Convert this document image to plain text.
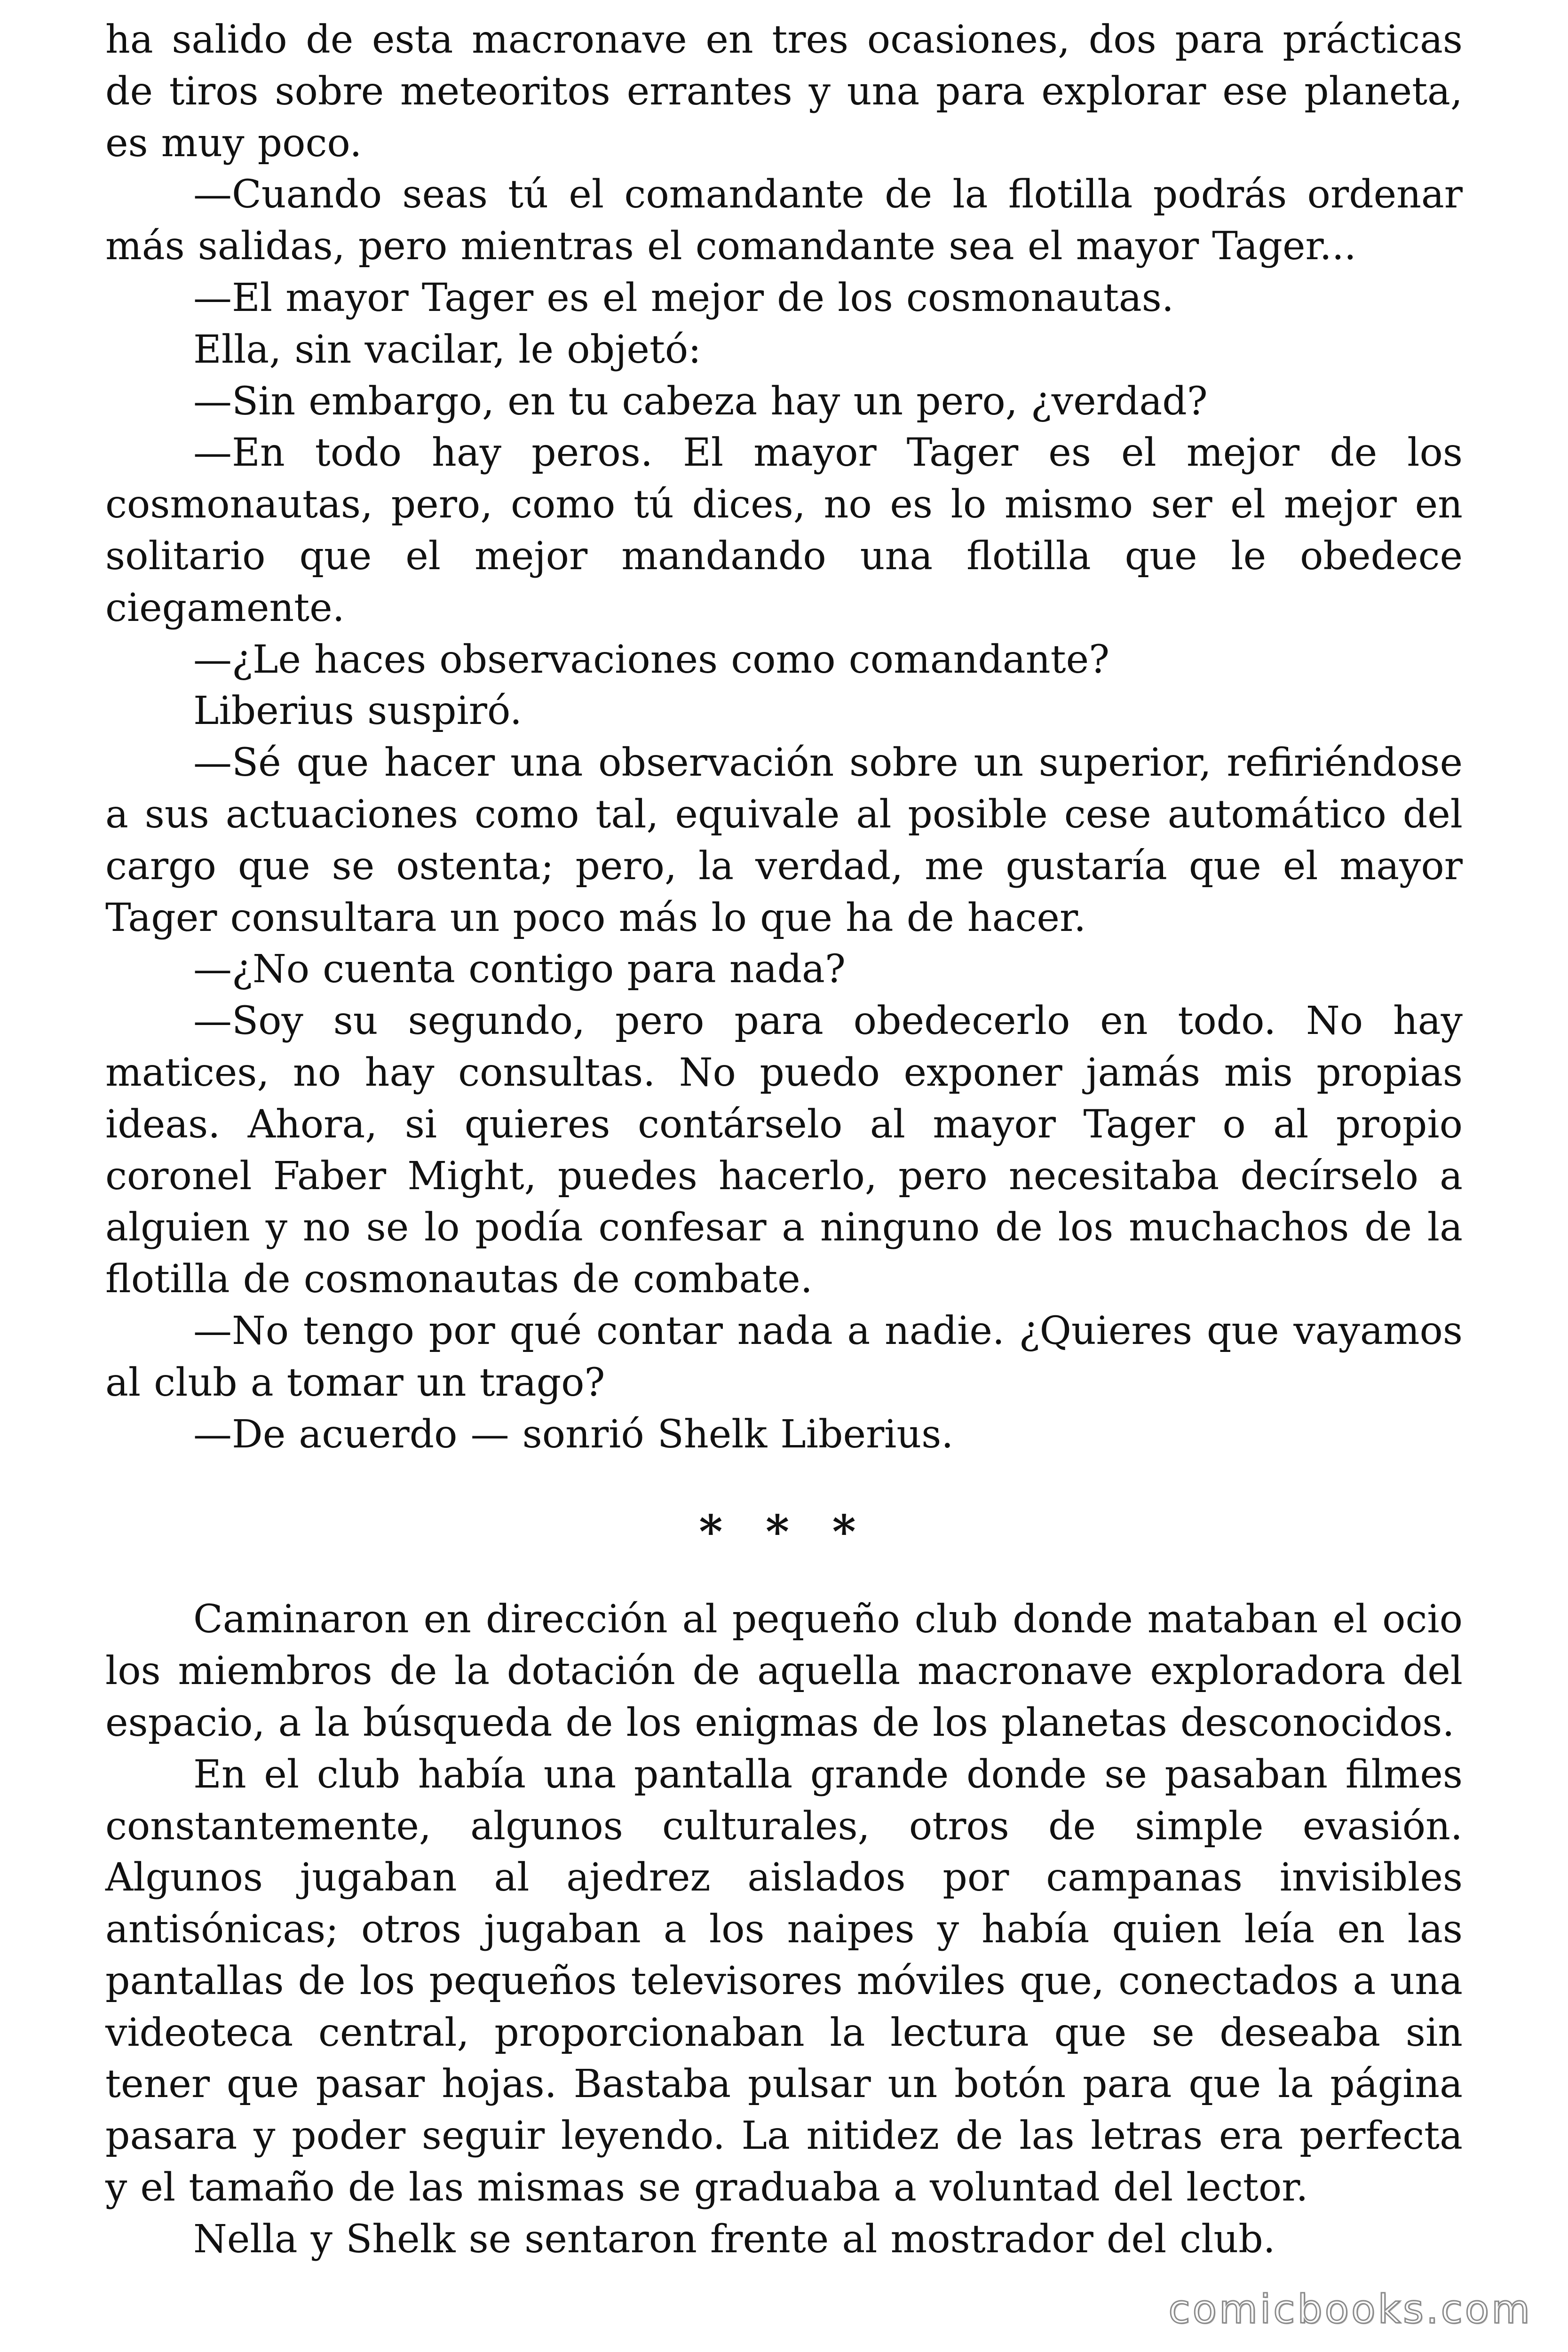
ha salido de esta macronave en tres ocasiones, dos para prácticas de tiros sobre meteoritos errantes y una para explorar ese planeta, es muy poco.

—Cuando seas tú el comandante de la flotilla podrás ordenar más salidas, pero mientras el comandante sea el mayor Tager...

—El mayor Tager es el mejor de los cosmonautas.

Ella, sin vacilar, le objetó:

—Sin embargo, en tu cabeza hay un pero, ¿verdad?

—En todo hay peros. El mayor Tager es el mejor de los cosmonautas, pero, como tú dices, no es lo mismo ser el mejor en solitario que el mejor mandando una flotilla que le obedece ciegamente.

—¿Le haces observaciones como comandante?

Liberius suspiró.

—Sé que hacer una observación sobre un superior, refiriéndose a sus actuaciones como tal, equivale al posible cese automático del cargo que se ostenta; pero, la verdad, me gustaría que el mayor Tager consultara un poco más lo que ha de hacer.

—¿No cuenta contigo para nada?

—Soy su segundo, pero para obedecerlo en todo. No hay matices, no hay consultas. No puedo exponer jamás mis propias ideas. Ahora, si quieres contárselo al mayor Tager o al propio coronel Faber Might, puedes hacerlo, pero necesitaba decírselo a alguien y no se lo podía confesar a ninguno de los muchachos de la flotilla de cosmonautas de combate.

—No tengo por qué contar nada a nadie. ¿Quieres que vayamos al club a tomar un trago?

—De acuerdo — sonrió Shelk Liberius.

* * *

Caminaron en dirección al pequeño club donde mataban el ocio los miembros de la dotación de aquella macronave exploradora del espacio, a la búsqueda de los enigmas de los planetas desconocidos.

En el club había una pantalla grande donde se pasaban filmes constantemente, algunos culturales, otros de simple evasión. Algunos jugaban al ajedrez aislados por campanas invisibles antisónicas; otros jugaban a los naipes y había quien leía en las pantallas de los pequeños televisores móviles que, conectados a una videoteca central, proporcionaban la lectura que se deseaba sin tener que pasar hojas. Bastaba pulsar un botón para que la página pasara y poder seguir leyendo. La nitidez de las letras era perfecta y el tamaño de las mismas se graduaba a voluntad del lector.

Nella y Shelk se sentaron frente al mostrador del club.

comicbooks.com
